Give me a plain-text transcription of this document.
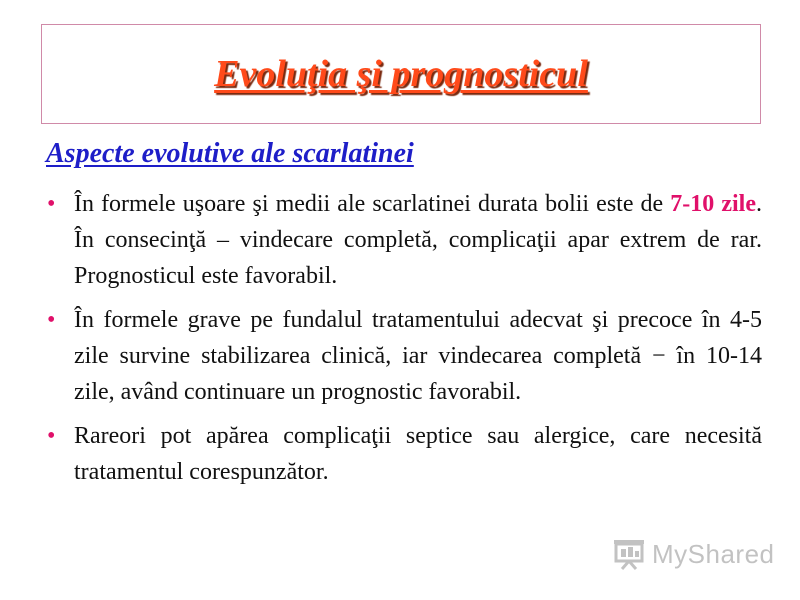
Evoluţia şi prognosticul
Aspecte evolutive ale scarlatinei
• În formele uşoare şi medii ale scarlatinei durata bolii este de 7-10 zile. În consecinţă – vindecare completă, complicaţii apar extrem de rar. Prognosticul este favorabil.
• În formele grave pe fundalul tratamentului adecvat şi precoce în 4-5 zile survine stabilizarea clinică, iar vindecarea completă − în 10-14 zile, având continuare un prognostic favorabil.
• Rareori pot apărea complicaţii septice sau alergice, care necesită tratamentul corespunzător.
MyShared
